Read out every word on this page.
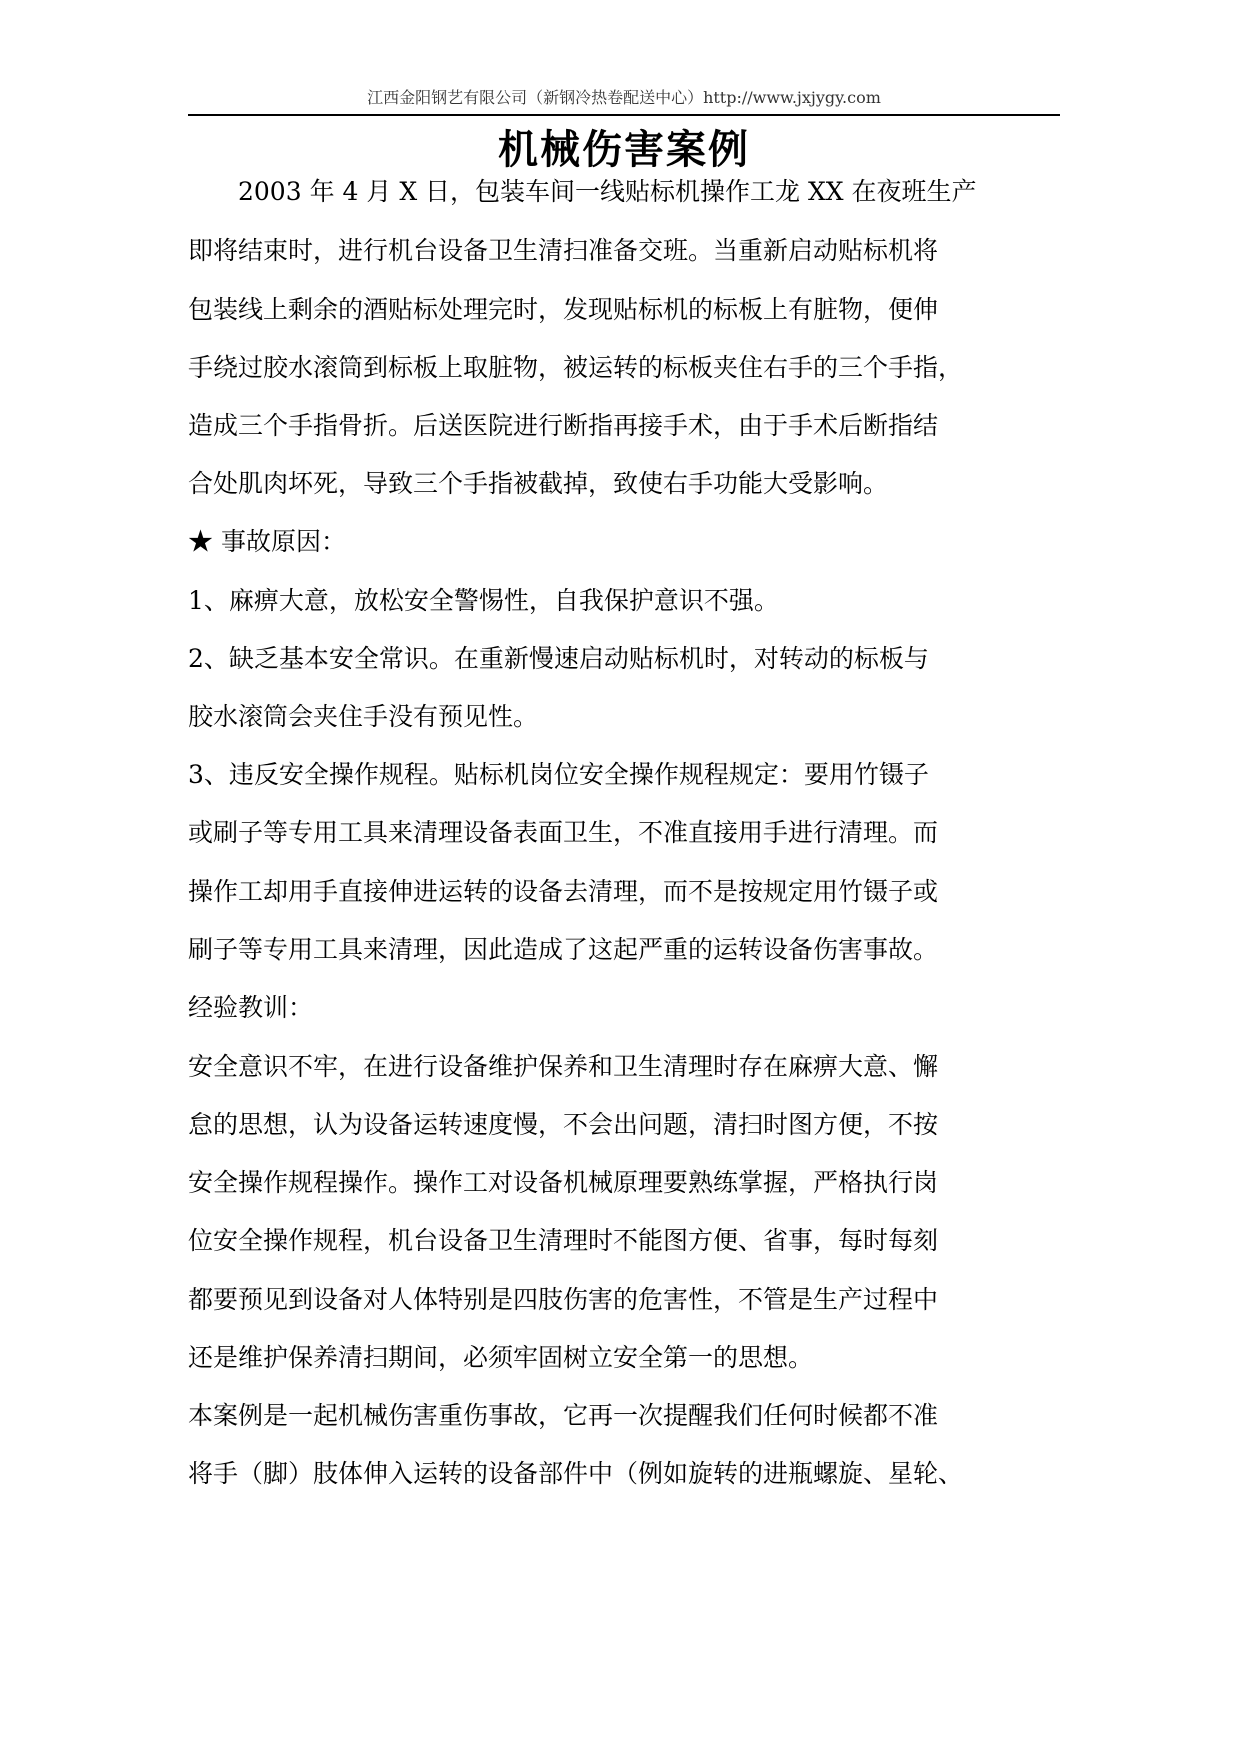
江西金阳钢艺有限公司（新钢冷热卷配送中心）http://www.jxjygy.com
机械伤害案例
　　2003 年 4 月 X 日，包装车间一线贴标机操作工龙 XX 在夜班生产
即将结束时，进行机台设备卫生清扫准备交班。当重新启动贴标机将
包装线上剩余的酒贴标处理完时，发现贴标机的标板上有脏物，便伸
手绕过胶水滚筒到标板上取脏物，被运转的标板夹住右手的三个手指，
造成三个手指骨折。后送医院进行断指再接手术，由于手术后断指结
合处肌肉坏死，导致三个手指被截掉，致使右手功能大受影响。
★ 事故原因：
1、麻痹大意，放松安全警惕性，自我保护意识不强。
2、缺乏基本安全常识。在重新慢速启动贴标机时，对转动的标板与
胶水滚筒会夹住手没有预见性。
3、违反安全操作规程。贴标机岗位安全操作规程规定：要用竹镊子
或刷子等专用工具来清理设备表面卫生，不准直接用手进行清理。而
操作工却用手直接伸进运转的设备去清理，而不是按规定用竹镊子或
刷子等专用工具来清理，因此造成了这起严重的运转设备伤害事故。
经验教训：
安全意识不牢，在进行设备维护保养和卫生清理时存在麻痹大意、懈
怠的思想，认为设备运转速度慢，不会出问题，清扫时图方便，不按
安全操作规程操作。操作工对设备机械原理要熟练掌握，严格执行岗
位安全操作规程，机台设备卫生清理时不能图方便、省事，每时每刻
都要预见到设备对人体特别是四肢伤害的危害性，不管是生产过程中
还是维护保养清扫期间，必须牢固树立安全第一的思想。
本案例是一起机械伤害重伤事故，它再一次提醒我们任何时候都不准
将手（脚）肢体伸入运转的设备部件中（例如旋转的进瓶螺旋、星轮、
